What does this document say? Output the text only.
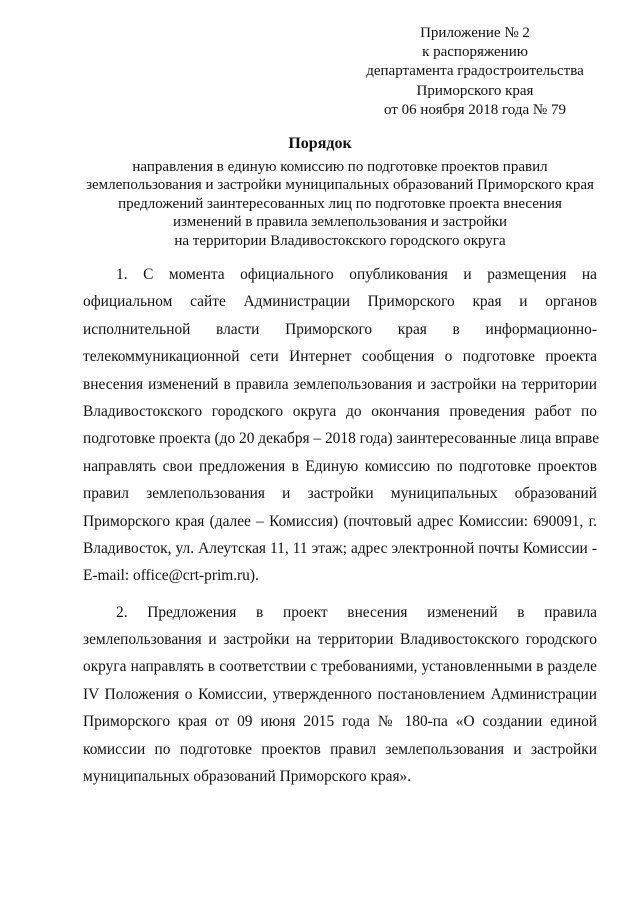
Приложение № 2
к распоряжению
департамента градостроительства
Приморского края
от 06 ноября 2018 года № 79
Порядок
направления в единую комиссию по подготовке проектов правил
землепользования и застройки муниципальных образований Приморского края
предложений заинтересованных лиц по подготовке проекта внесения
изменений в правила землепользования и застройки
на территории Владивостокского городского округа
1. С момента официального опубликования и размещения на
официальном сайте Администрации Приморского края и органов
исполнительной власти Приморского края в информационно-
телекоммуникационной сети Интернет сообщения о подготовке проекта
внесения изменений в правила землепользования и застройки на территории
Владивостокского городского округа до окончания проведения работ по
подготовке проекта (до 20 декабря – 2018 года) заинтересованные лица вправе
направлять свои предложения в Единую комиссию по подготовке проектов
правил землепользования и застройки муниципальных образований
Приморского края (далее – Комиссия) (почтовый адрес Комиссии: 690091, г.
Владивосток, ул. Алеутская 11, 11 этаж; адрес электронной почты Комиссии -
E-mail: office@crt-prim.ru).
2. Предложения в проект внесения изменений в правила
землепользования и застройки на территории Владивостокского городского
округа направлять в соответствии с требованиями, установленными в разделе
IV Положения о Комиссии, утвержденного постановлением Администрации
Приморского края от 09 июня 2015 года № 180-па «О создании единой
комиссии по подготовке проектов правил землепользования и застройки
муниципальных образований Приморского края».
